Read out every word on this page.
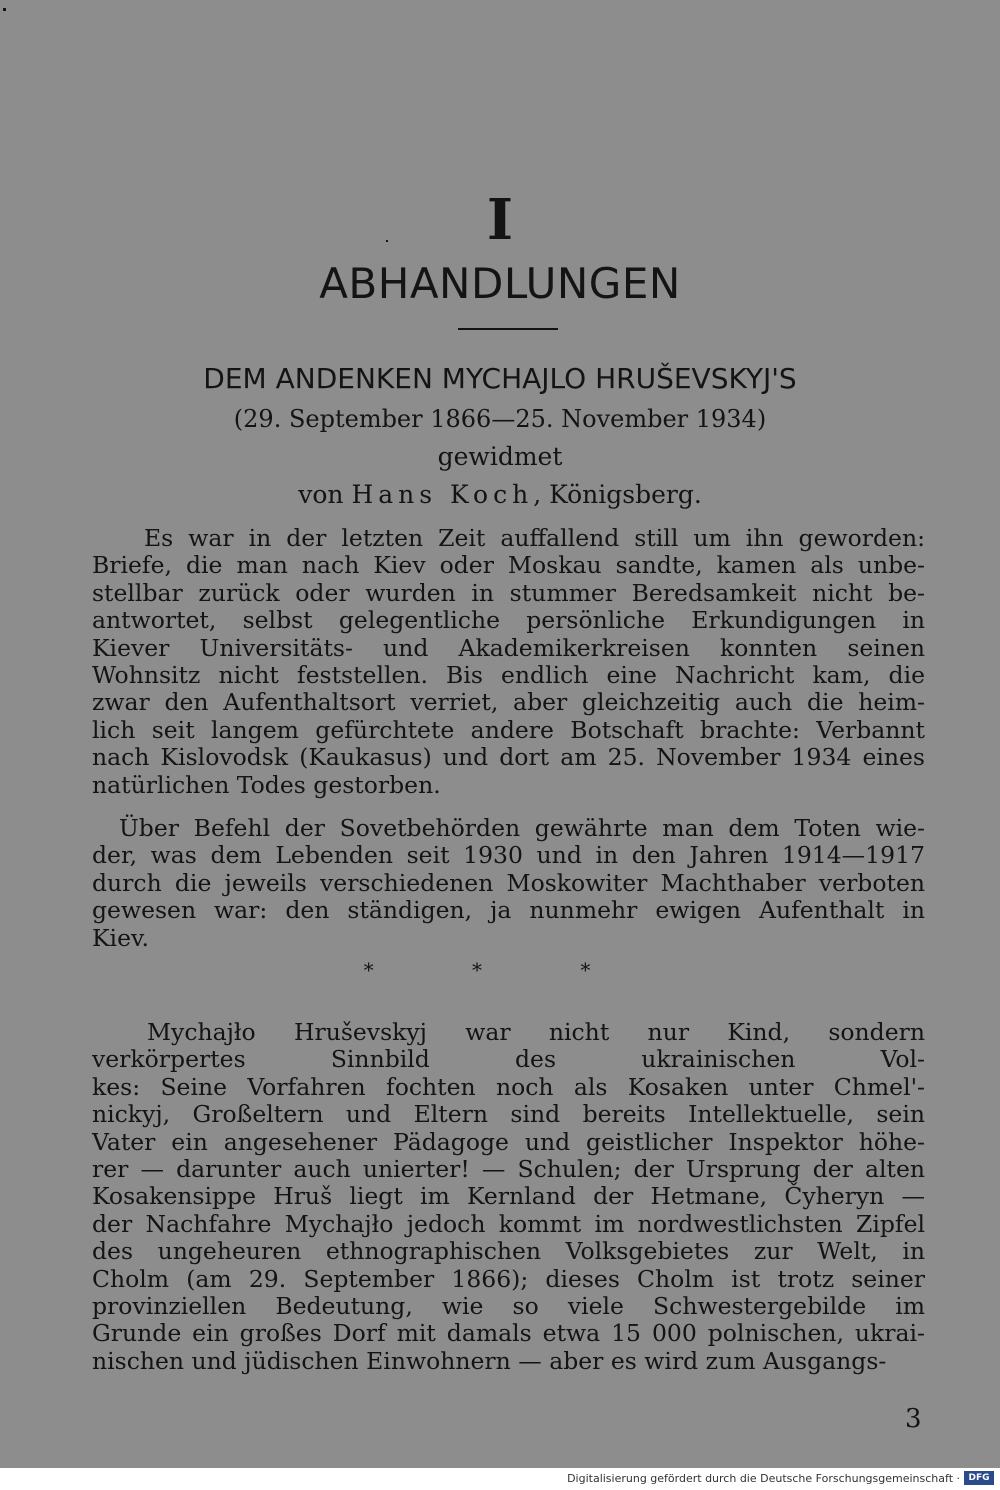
I
ABHANDLUNGEN
DEM ANDENKEN MYCHAJLO HRUŠEVSKYJ'S
(29. September 1866—25. November 1934)
gewidmet
von Hans Koch, Königsberg.
Es war in der letzten Zeit auffallend still um ihn geworden:
Briefe, die man nach Kiev oder Moskau sandte, kamen als unbe-
stellbar zurück oder wurden in stummer Beredsamkeit nicht be-
antwortet, selbst gelegentliche persönliche Erkundigungen in
Kiever Universitäts- und Akademikerkreisen konnten seinen
Wohnsitz nicht feststellen. Bis endlich eine Nachricht kam, die
zwar den Aufenthaltsort verriet, aber gleichzeitig auch die heim-
lich seit langem gefürchtete andere Botschaft brachte: Verbannt
nach Kislovodsk (Kaukasus) und dort am 25. November 1934 eines
natürlichen Todes gestorben.
Über Befehl der Sovetbehörden gewährte man dem Toten wie-
der, was dem Lebenden seit 1930 und in den Jahren 1914—1917
durch die jeweils verschiedenen Moskowiter Machthaber verboten
gewesen war: den ständigen, ja nunmehr ewigen Aufenthalt in
Kiev.
* * *
Mychajło Hruševskyj war nicht nur Kind, sondern
verkörpertes Sinnbild des ukrainischen Vol-
kes: Seine Vorfahren fochten noch als Kosaken unter Chmel'-
nickyj, Großeltern und Eltern sind bereits Intellektuelle, sein
Vater ein angesehener Pädagoge und geistlicher Inspektor höhe-
rer — darunter auch unierter! — Schulen; der Ursprung der alten
Kosakensippe Hruš liegt im Kernland der Hetmane, Čyheryn —
der Nachfahre Mychajło jedoch kommt im nordwestlichsten Zipfel
des ungeheuren ethnographischen Volksgebietes zur Welt, in
Cholm (am 29. September 1866); dieses Cholm ist trotz seiner
provinziellen Bedeutung, wie so viele Schwestergebilde im
Grunde ein großes Dorf mit damals etwa 15 000 polnischen, ukrai-
nischen und jüdischen Einwohnern — aber es wird zum Ausgangs-
3
Digitalisierung gefördert durch die Deutsche Forschungsgemeinschaft · DFG
